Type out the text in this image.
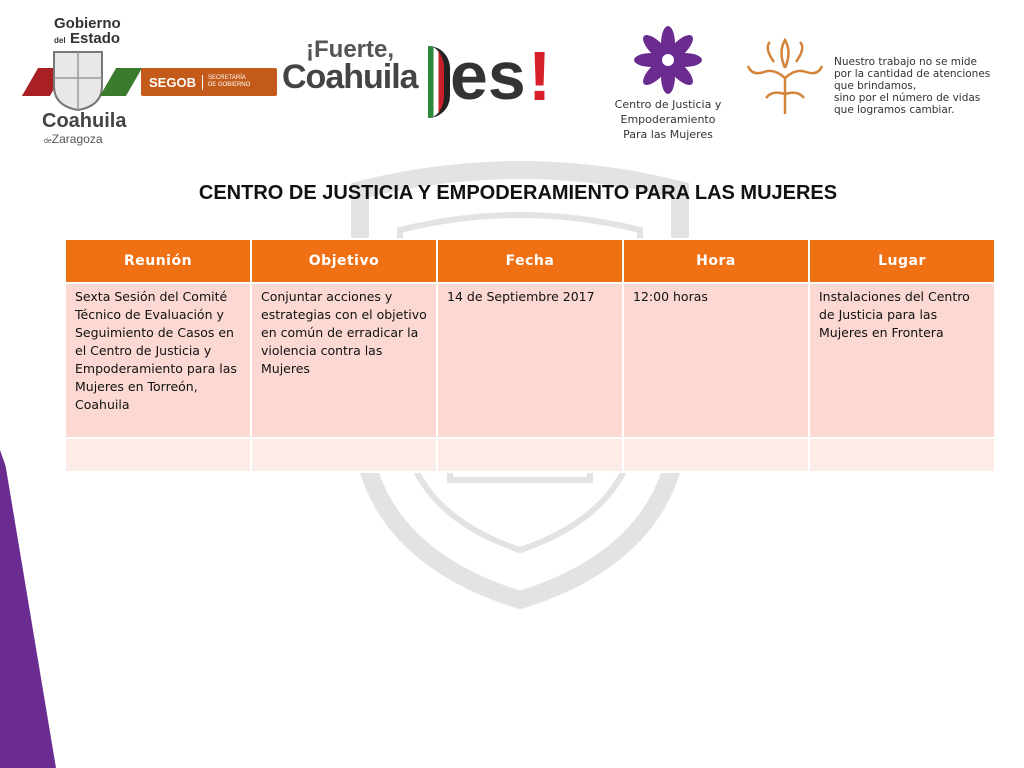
Gobierno
del Estado
SEGOB	SECRETARÍA
DE GOBIERNO
Coahuila
deZaragoza
¡Fuerte,
Coahuila es !	Centro de Justicia y
Empoderamiento
Para las Mujeres
Nuestro trabajo no se mide
por la cantidad de atenciones
que brindamos,
sino por el número de vidas
que logramos cambiar.
CENTRO DE JUSTICIA Y EMPODERAMIENTO PARA LAS MUJERES
Reunión	Objetivo	Fecha	Hora	Lugar
Sexta Sesión del Comité Técnico de Evaluación y Seguimiento de Casos en el Centro de Justicia y Empoderamiento para las Mujeres en Torreón, Coahuila	Conjuntar acciones y estrategias con el objetivo en común de erradicar la violencia contra las Mujeres	14 de Septiembre 2017	12:00 horas	Instalaciones del Centro de Justicia para las Mujeres en Frontera
